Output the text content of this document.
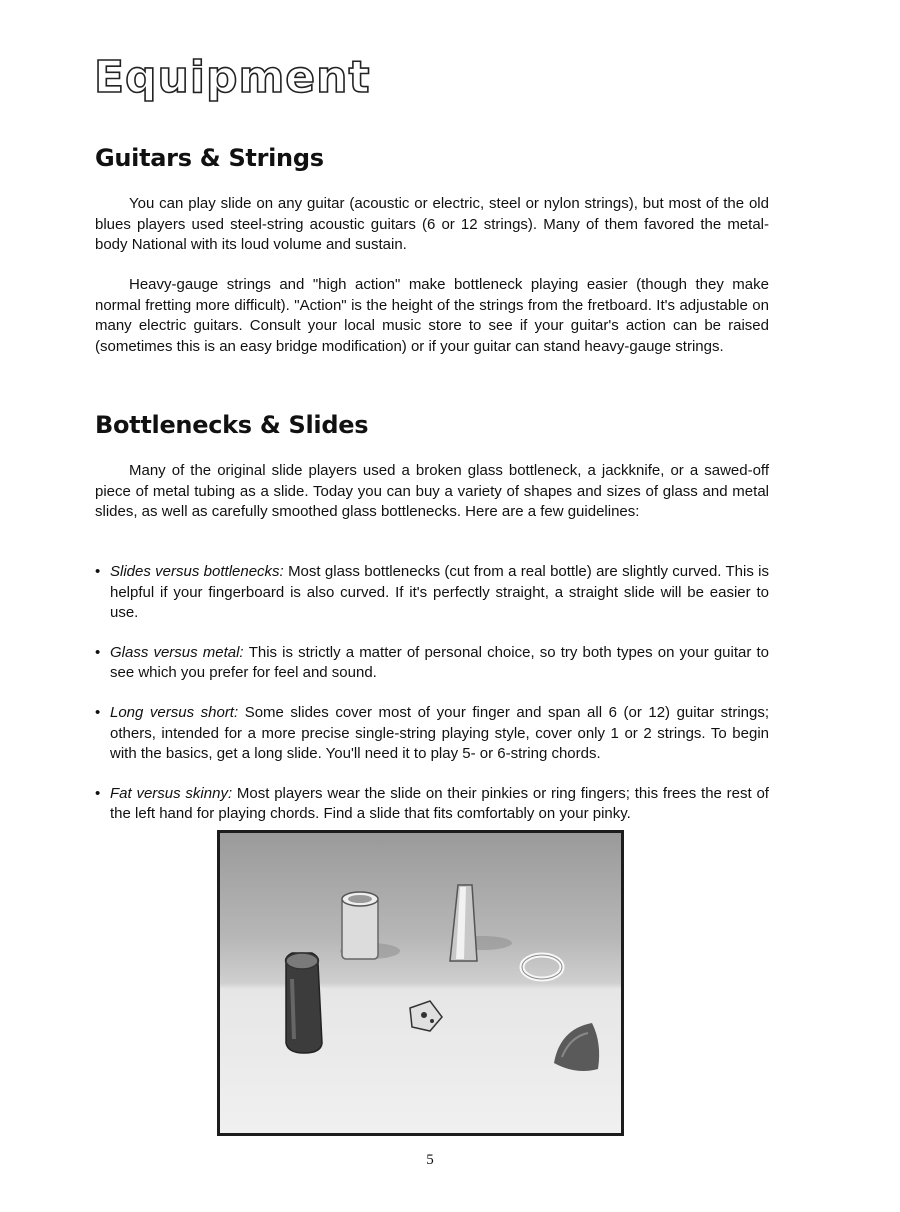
Equipment
Guitars & Strings

You can play slide on any guitar (acoustic or electric, steel or nylon strings), but most of the old blues players used steel-string acoustic guitars (6 or 12 strings). Many of them favored the metal-body National with its loud volume and sustain.

Heavy-gauge strings and "high action" make bottleneck playing easier (though they make normal fretting more difficult). "Action" is the height of the strings from the fretboard. It's adjustable on many electric guitars. Consult your local music store to see if your guitar's action can be raised (sometimes this is an easy bridge modification) or if your guitar can stand heavy-gauge strings.

Bottlenecks & Slides

Many of the original slide players used a broken glass bottleneck, a jackknife, or a sawed-off piece of metal tubing as a slide. Today you can buy a variety of shapes and sizes of glass and metal slides, as well as carefully smoothed glass bottlenecks. Here are a few guidelines:

• Slides versus bottlenecks: Most glass bottlenecks (cut from a real bottle) are slightly curved. This is helpful if your fingerboard is also curved. If it's perfectly straight, a straight slide will be easier to use.
• Glass versus metal: This is strictly a matter of personal choice, so try both types on your guitar to see which you prefer for feel and sound.
• Long versus short: Some slides cover most of your finger and span all 6 (or 12) guitar strings; others, intended for a more precise single-string playing style, cover only 1 or 2 strings. To begin with the basics, get a long slide. You'll need it to play 5- or 6-string chords.
• Fat versus skinny: Most players wear the slide on their pinkies or ring fingers; this frees the rest of the left hand for playing chords. Find a slide that fits comfortably on your pinky.
5
